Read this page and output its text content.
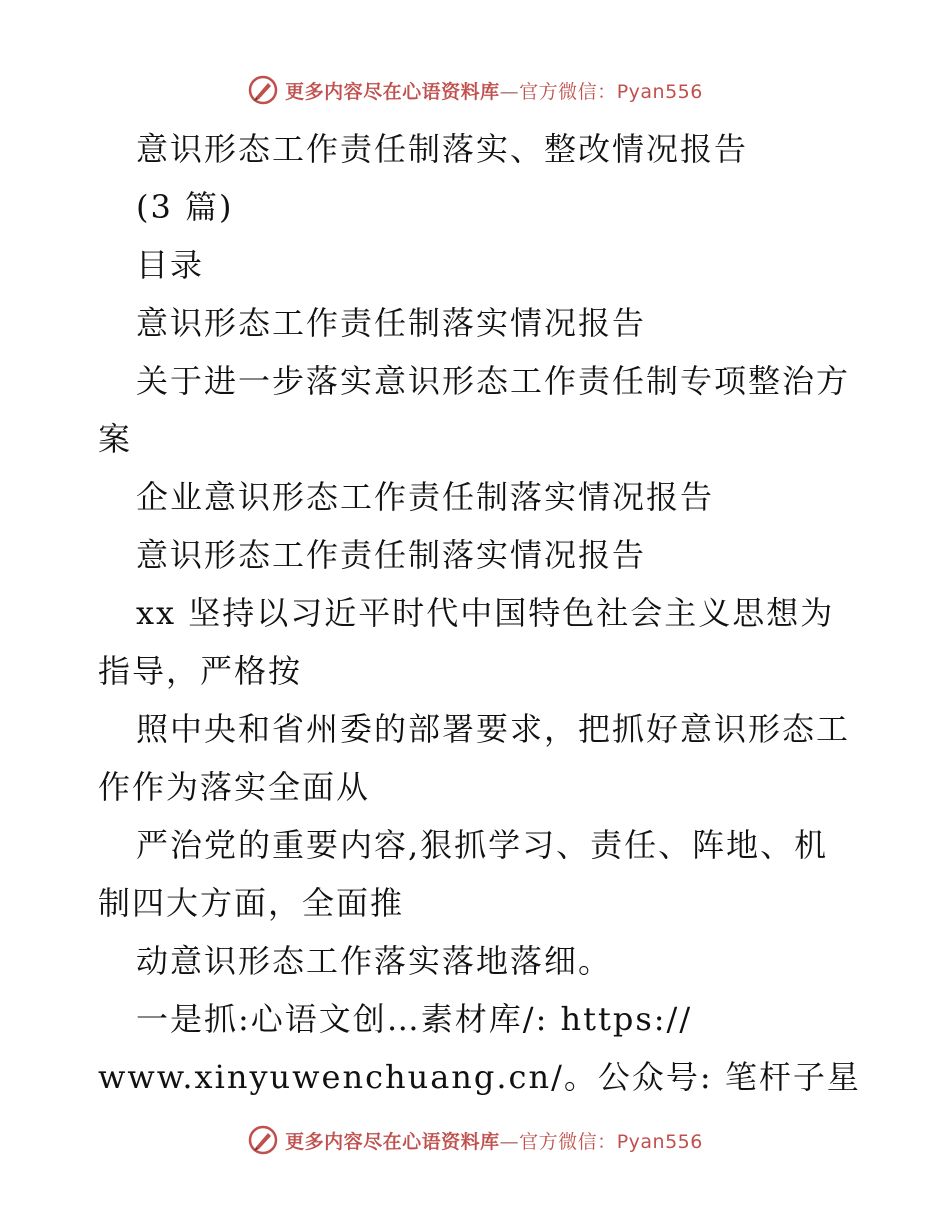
更多内容尽在心语资料库—官方微信：Pyan556
意识形态工作责任制落实、整改情况报告
(3 篇)
目录
意识形态工作责任制落实情况报告
关于进一步落实意识形态工作责任制专项整治方
案
企业意识形态工作责任制落实情况报告
意识形态工作责任制落实情况报告
xx 坚持以习近平时代中国特色社会主义思想为
指导，严格按
照中央和省州委的部署要求，把抓好意识形态工
作作为落实全面从
严治党的重要内容,狠抓学习、责任、阵地、机
制四大方面，全面推
动意识形态工作落实落地落细。
一是抓:心语文创…素材库/: https://
www.xinyuwenchuang.cn/。公众号: 笔杆子星
更多内容尽在心语资料库—官方微信：Pyan556
